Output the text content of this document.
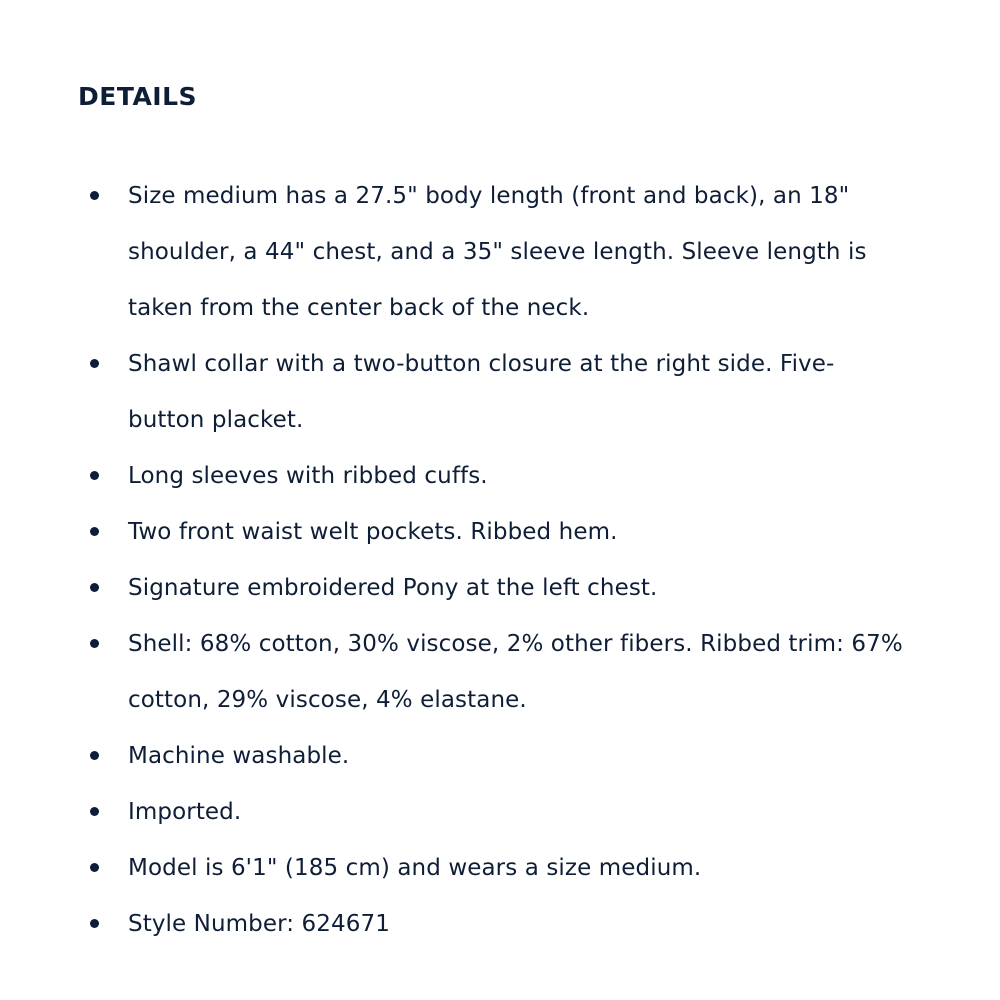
DETAILS
Size medium has a 27.5" body length (front and back), an 18" shoulder, a 44" chest, and a 35" sleeve length. Sleeve length is taken from the center back of the neck.
Shawl collar with a two-button closure at the right side. Five-button placket.
Long sleeves with ribbed cuffs.
Two front waist welt pockets. Ribbed hem.
Signature embroidered Pony at the left chest.
Shell: 68% cotton, 30% viscose, 2% other fibers. Ribbed trim: 67% cotton, 29% viscose, 4% elastane.
Machine washable.
Imported.
Model is 6'1" (185 cm) and wears a size medium.
Style Number: 624671
